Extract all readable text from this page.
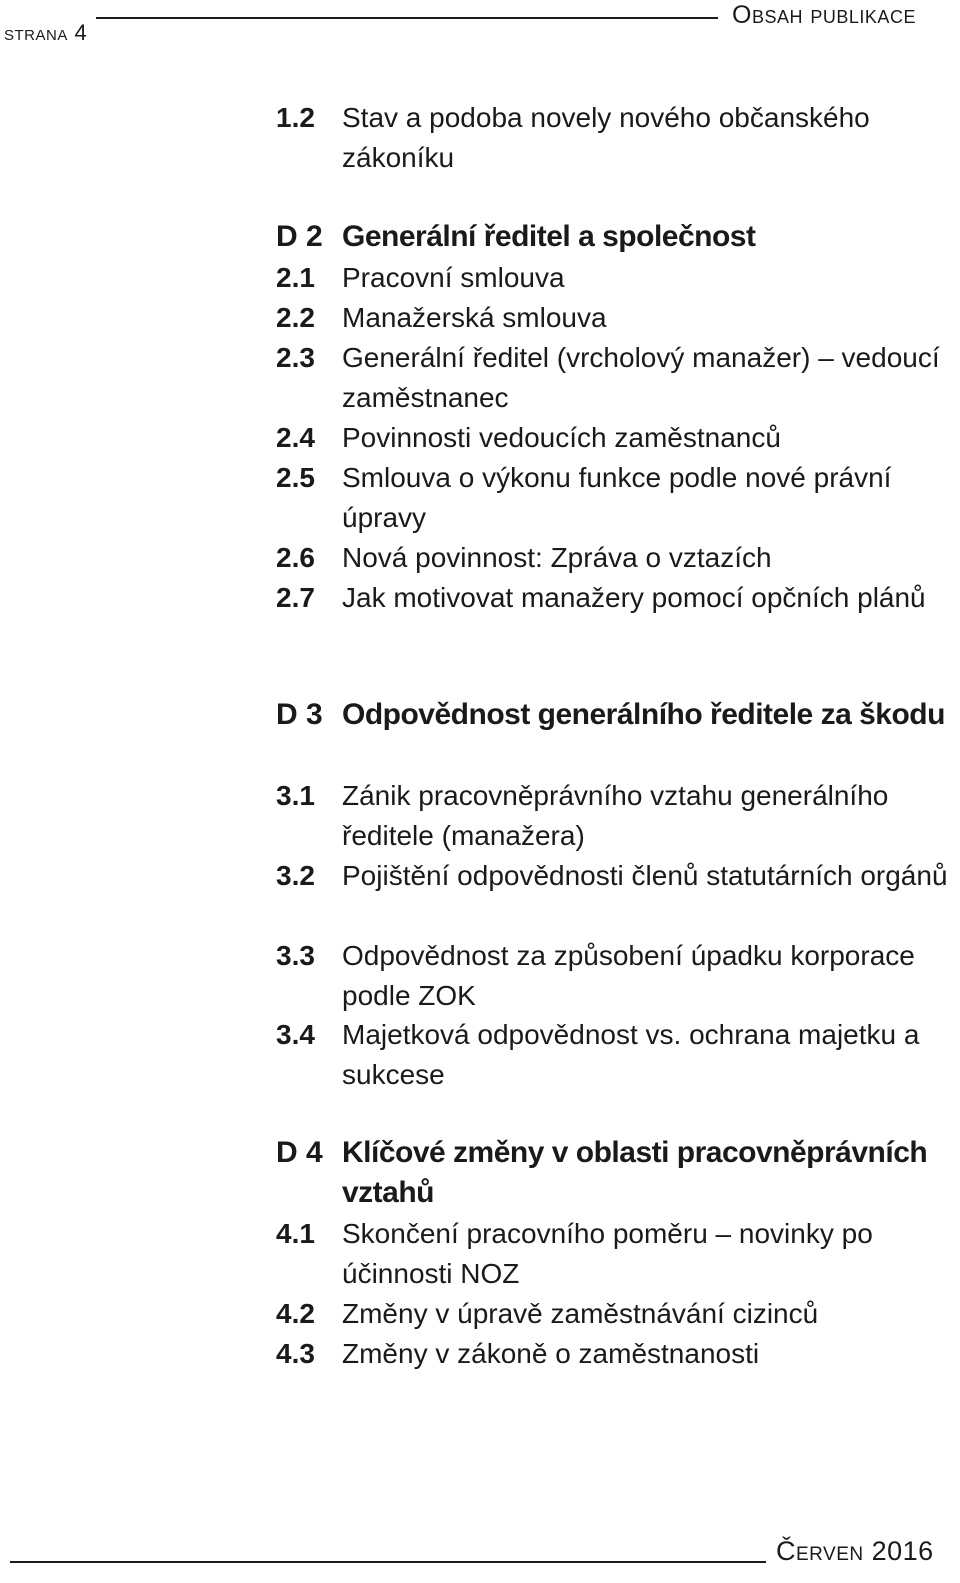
strana 4
Obsah publikace
1.2 Stav a podoba novely nového občanského zákoníku
D 2 Generální ředitel a společnost
2.1 Pracovní smlouva
2.2 Manažerská smlouva
2.3 Generální ředitel (vrcholový manažer) – vedoucí zaměstnanec
2.4 Povinnosti vedoucích zaměstnanců
2.5 Smlouva o výkonu funkce podle nové právní úpravy
2.6 Nová povinnost: Zpráva o vztazích
2.7 Jak motivovat manažery pomocí opčních plánů
D 3 Odpovědnost generálního ředitele za škodu
3.1 Zánik pracovněprávního vztahu generálního ředitele (manažera)
3.2 Pojištění odpovědnosti členů statutárních orgánů
3.3 Odpovědnost za způsobení úpadku korporace podle ZOK
3.4 Majetková odpovědnost vs. ochrana majetku a sukcese
D 4 Klíčové změny v oblasti pracovněprávních vztahů
4.1 Skončení pracovního poměru – novinky po účinnosti NOZ
4.2 Změny v úpravě zaměstnávání cizinců
4.3 Změny v zákoně o zaměstnanosti
Červen 2016
